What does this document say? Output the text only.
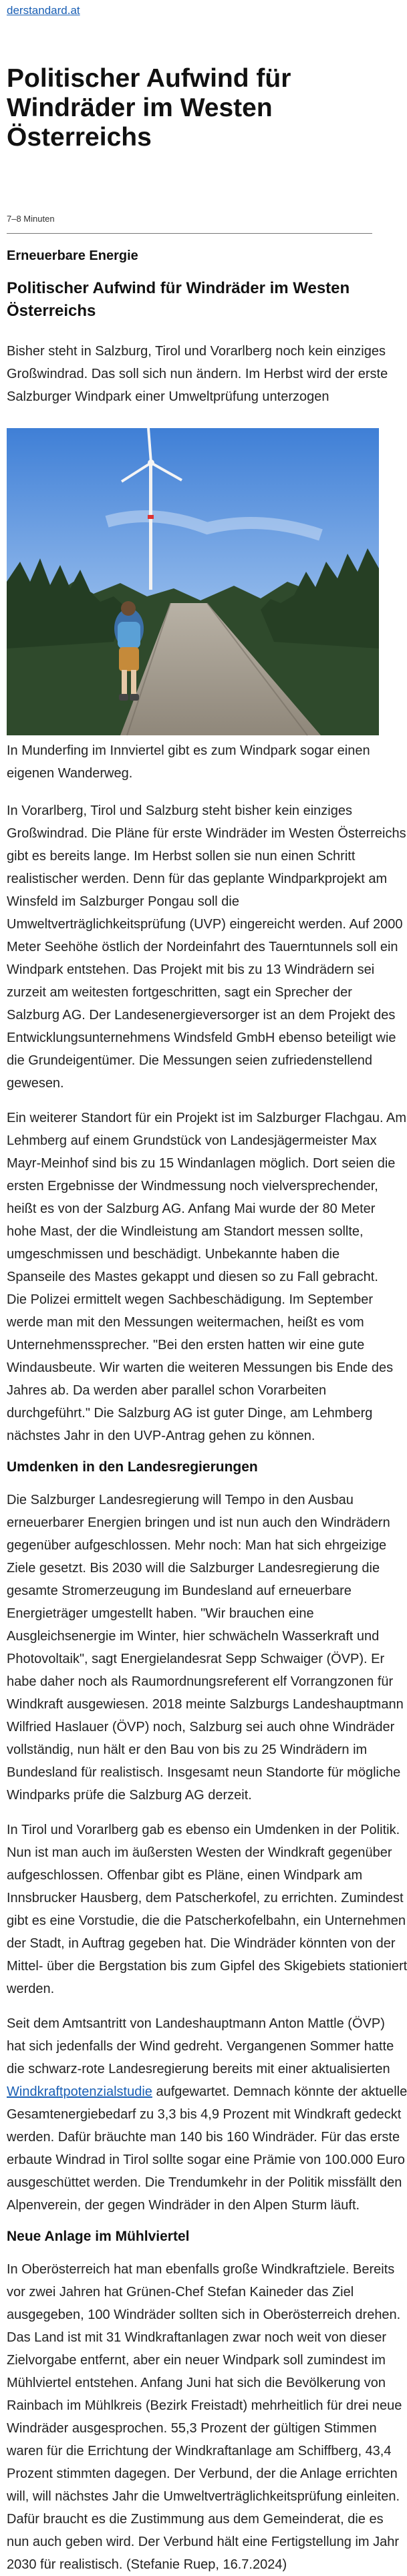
derstandard.at
Politischer Aufwind für Windräder im Westen Österreichs
7–8 Minuten
Erneuerbare Energie
Politischer Aufwind für Windräder im Westen Österreichs

Bisher steht in Salzburg, Tirol und Vorarlberg noch kein einziges
Großwindrad. Das soll sich nun ändern. Im Herbst wird der erste
Salzburger Windpark einer Umweltprüfung unterzogen

In Munderfing im Innviertel gibt es zum Windpark sogar einen
eigenen Wanderweg.

In Vorarlberg, Tirol und Salzburg steht bisher kein einziges
Großwindrad. Die Pläne für erste Windräder im Westen Österreichs
gibt es bereits lange. Im Herbst sollen sie nun einen Schritt
realistischer werden. Denn für das geplante Windparkprojekt am
Winsfeld im Salzburger Pongau soll die
Umweltverträglichkeitsprüfung (UVP) eingereicht werden. Auf 2000
Meter Seehöhe östlich der Nordeinfahrt des Tauerntunnels soll ein
Windpark entstehen. Das Projekt mit bis zu 13 Windrädern sei
zurzeit am weitesten fortgeschritten, sagt ein Sprecher der
Salzburg AG. Der Landesenergieversorger ist an dem Projekt des
Entwicklungsunternehmens Windsfeld GmbH ebenso beteiligt wie
die Grundeigentümer. Die Messungen seien zufriedenstellend
gewesen.

Ein weiterer Standort für ein Projekt ist im Salzburger Flachgau. Am
Lehmberg auf einem Grundstück von Landesjägermeister Max
Mayr-Meinhof sind bis zu 15 Windanlagen möglich. Dort seien die
ersten Ergebnisse der Windmessung noch vielversprechender,
heißt es von der Salzburg AG. Anfang Mai wurde der 80 Meter
hohe Mast, der die Windleistung am Standort messen sollte,
umgeschmissen und beschädigt. Unbekannte haben die
Spanseile des Mastes gekappt und diesen so zu Fall gebracht.
Die Polizei ermittelt wegen Sachbeschädigung. Im September
werde man mit den Messungen weitermachen, heißt es vom
Unternehmenssprecher. "Bei den ersten hatten wir eine gute
Windausbeute. Wir warten die weiteren Messungen bis Ende des
Jahres ab. Da werden aber parallel schon Vorarbeiten
durchgeführt." Die Salzburg AG ist guter Dinge, am Lehmberg
nächstes Jahr in den UVP-Antrag gehen zu können.

Umdenken in den Landesregierungen

Die Salzburger Landesregierung will Tempo in den Ausbau
erneuerbarer Energien bringen und ist nun auch den Windrädern
gegenüber aufgeschlossen. Mehr noch: Man hat sich ehrgeizige
Ziele gesetzt. Bis 2030 will die Salzburger Landesregierung die
gesamte Stromerzeugung im Bundesland auf erneuerbare
Energieträger umgestellt haben. "Wir brauchen eine
Ausgleichsenergie im Winter, hier schwächeln Wasserkraft und
Photovoltaik", sagt Energielandesrat Sepp Schwaiger (ÖVP). Er
habe daher noch als Raumordnungsreferent elf Vorrangzonen für
Windkraft ausgewiesen. 2018 meinte Salzburgs Landeshauptmann
Wilfried Haslauer (ÖVP) noch, Salzburg sei auch ohne Windräder
vollständig, nun hält er den Bau von bis zu 25 Windrädern im
Bundesland für realistisch. Insgesamt neun Standorte für mögliche
Windparks prüfe die Salzburg AG derzeit.

In Tirol und Vorarlberg gab es ebenso ein Umdenken in der Politik.
Nun ist man auch im äußersten Westen der Windkraft gegenüber
aufgeschlossen. Offenbar gibt es Pläne, einen Windpark am
Innsbrucker Hausberg, dem Patscherkofel, zu errichten. Zumindest
gibt es eine Vorstudie, die die Patscherkofelbahn, ein Unternehmen
der Stadt, in Auftrag gegeben hat. Die Windräder könnten von der
Mittel- über die Bergstation bis zum Gipfel des Skigebiets stationiert
werden.

Seit dem Amtsantritt von Landeshauptmann Anton Mattle (ÖVP)
hat sich jedenfalls der Wind gedreht. Vergangenen Sommer hatte
die schwarz-rote Landesregierung bereits mit einer aktualisierten
Windkraftpotenzialstudie aufgewartet. Demnach könnte der aktuelle
Gesamtenergiebedarf zu 3,3 bis 4,9 Prozent mit Windkraft gedeckt
werden. Dafür bräuchte man 140 bis 160 Windräder. Für das erste
erbaute Windrad in Tirol sollte sogar eine Prämie von 100.000 Euro
ausgeschüttet werden. Die Trendumkehr in der Politik missfällt den
Alpenverein, der gegen Windräder in den Alpen Sturm läuft.

Neue Anlage im Mühlviertel

In Oberösterreich hat man ebenfalls große Windkraftziele. Bereits
vor zwei Jahren hat Grünen-Chef Stefan Kaineder das Ziel
ausgegeben, 100 Windräder sollten sich in Oberösterreich drehen.
Das Land ist mit 31 Windkraftanlagen zwar noch weit von dieser
Zielvorgabe entfernt, aber ein neuer Windpark soll zumindest im
Mühlviertel entstehen. Anfang Juni hat sich die Bevölkerung von
Rainbach im Mühlkreis (Bezirk Freistadt) mehrheitlich für drei neue
Windräder ausgesprochen. 55,3 Prozent der gültigen Stimmen
waren für die Errichtung der Windkraftanlage am Schiffberg, 43,4
Prozent stimmten dagegen. Der Verbund, der die Anlage errichten
will, will nächstes Jahr die Umweltverträglichkeitsprüfung einleiten.
Dafür braucht es die Zustimmung aus dem Gemeinderat, die es
nun auch geben wird. Der Verbund hält eine Fertigstellung im Jahr
2030 für realistisch. (Stefanie Ruep, 16.7.2024)
